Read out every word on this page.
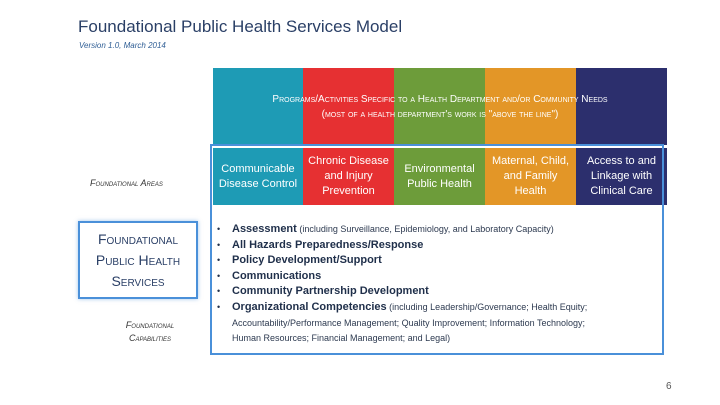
Foundational Public Health Services Model
Version 1.0, March 2014
Programs/Activities Specific to a Health Department and/or Community Needs
(most of a health department's work is "above the line")
Communicable
Disease Control
Chronic Disease
and Injury
Prevention
Environmental
Public Health
Maternal, Child,
and Family
Health
Access to and
Linkage with
Clinical Care
• Assessment (including Surveillance, Epidemiology, and Laboratory Capacity)
• All Hazards Preparedness/Response
• Policy Development/Support
• Communications
• Community Partnership Development
• Organizational Competencies (including Leadership/Governance; Health Equity;
Accountability/Performance Management; Quality Improvement; Information Technology;
Human Resources; Financial Management; and Legal)
Foundational Areas
Foundational
Public Health
Services
Foundational
Capabilities
6
